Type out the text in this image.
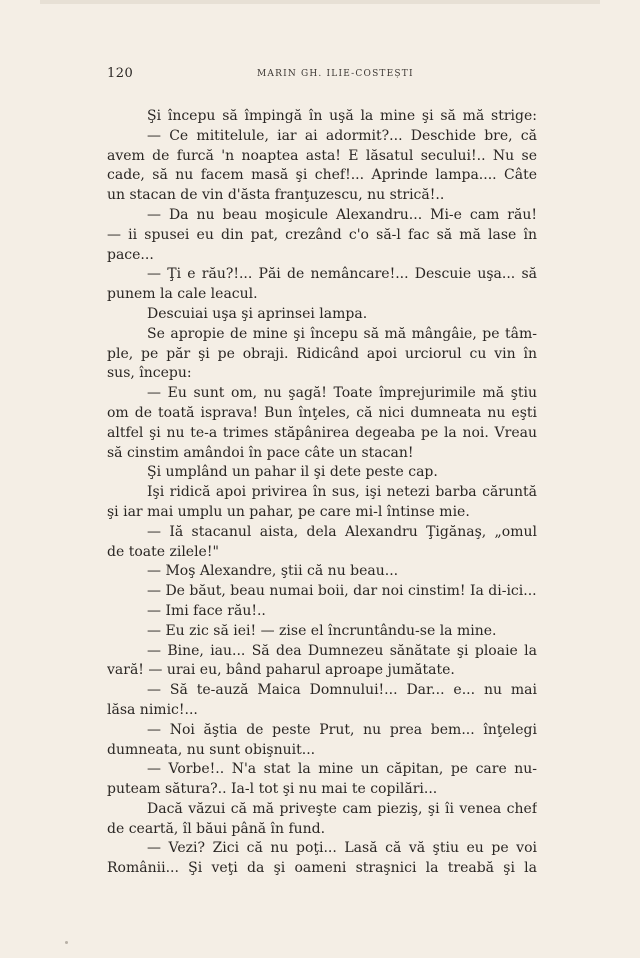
120	MARIN GH. ILIE-COSTEȘTI
Şi începu să împingă în uşă la mine şi să mă strige:
— Ce mititelule, iar ai adormit?... Deschide bre, că
avem de furcă 'n noaptea asta! E lăsatul secului!.. Nu se
cade, să nu facem masă şi chef!... Aprinde lampa.... Câte
un stacan de vin d'ăsta franţuzescu, nu strică!..
— Da nu beau moşicule Alexandru... Mi-e cam rău!
— ii spusei eu din pat, crezând c'o să-l fac să mă lase în
pace...
— Ţi e rău?!... Păi de nemâncare!... Descuie uşa... să
punem la cale leacul.
Descuiai uşa şi aprinsei lampa.
Se apropie de mine şi începu să mă mângâie, pe tâm-
ple, pe păr şi pe obraji. Ridicând apoi urciorul cu vin în
sus, începu:
— Eu sunt om, nu şagă! Toate împrejurimile mă ştiu
om de toată isprava! Bun înţeles, că nici dumneata nu eşti
altfel şi nu te-a trimes stăpânirea degeaba pe la noi. Vreau
să cinstim amândoi în pace câte un stacan!
Şi umplând un pahar il şi dete peste cap.
Işi ridică apoi privirea în sus, işi netezi barba căruntă
şi iar mai umplu un pahar, pe care mi-l întinse mie.
— Iă stacanul aista, dela Alexandru Ţigănaş, „omul
de toate zilele!"
— Moş Alexandre, ştii că nu beau...
— De băut, beau numai boii, dar noi cinstim! Ia di-ici...
— Imi face rău!..
— Eu zic să iei! — zise el încruntându-se la mine.
— Bine, iau... Să dea Dumnezeu sănătate şi ploaie la
vară! — urai eu, bând paharul aproape jumătate.
— Să te-auză Maica Domnului!... Dar... e... nu mai
lăsa nimic!...
— Noi ăştia de peste Prut, nu prea bem... înţelegi
dumneata, nu sunt obişnuit...
— Vorbe!.. N'a stat la mine un căpitan, pe care nu-
puteam sătura?.. Ia-l tot şi nu mai te copilări...
Dacă văzui că mă priveşte cam pieziş, şi îi venea chef
de ceartă, îl băui până în fund.
— Vezi? Zici că nu poţi... Lasă că vă ştiu eu pe voi
Românii... Şi veţi da şi oameni straşnici la treabă şi la
